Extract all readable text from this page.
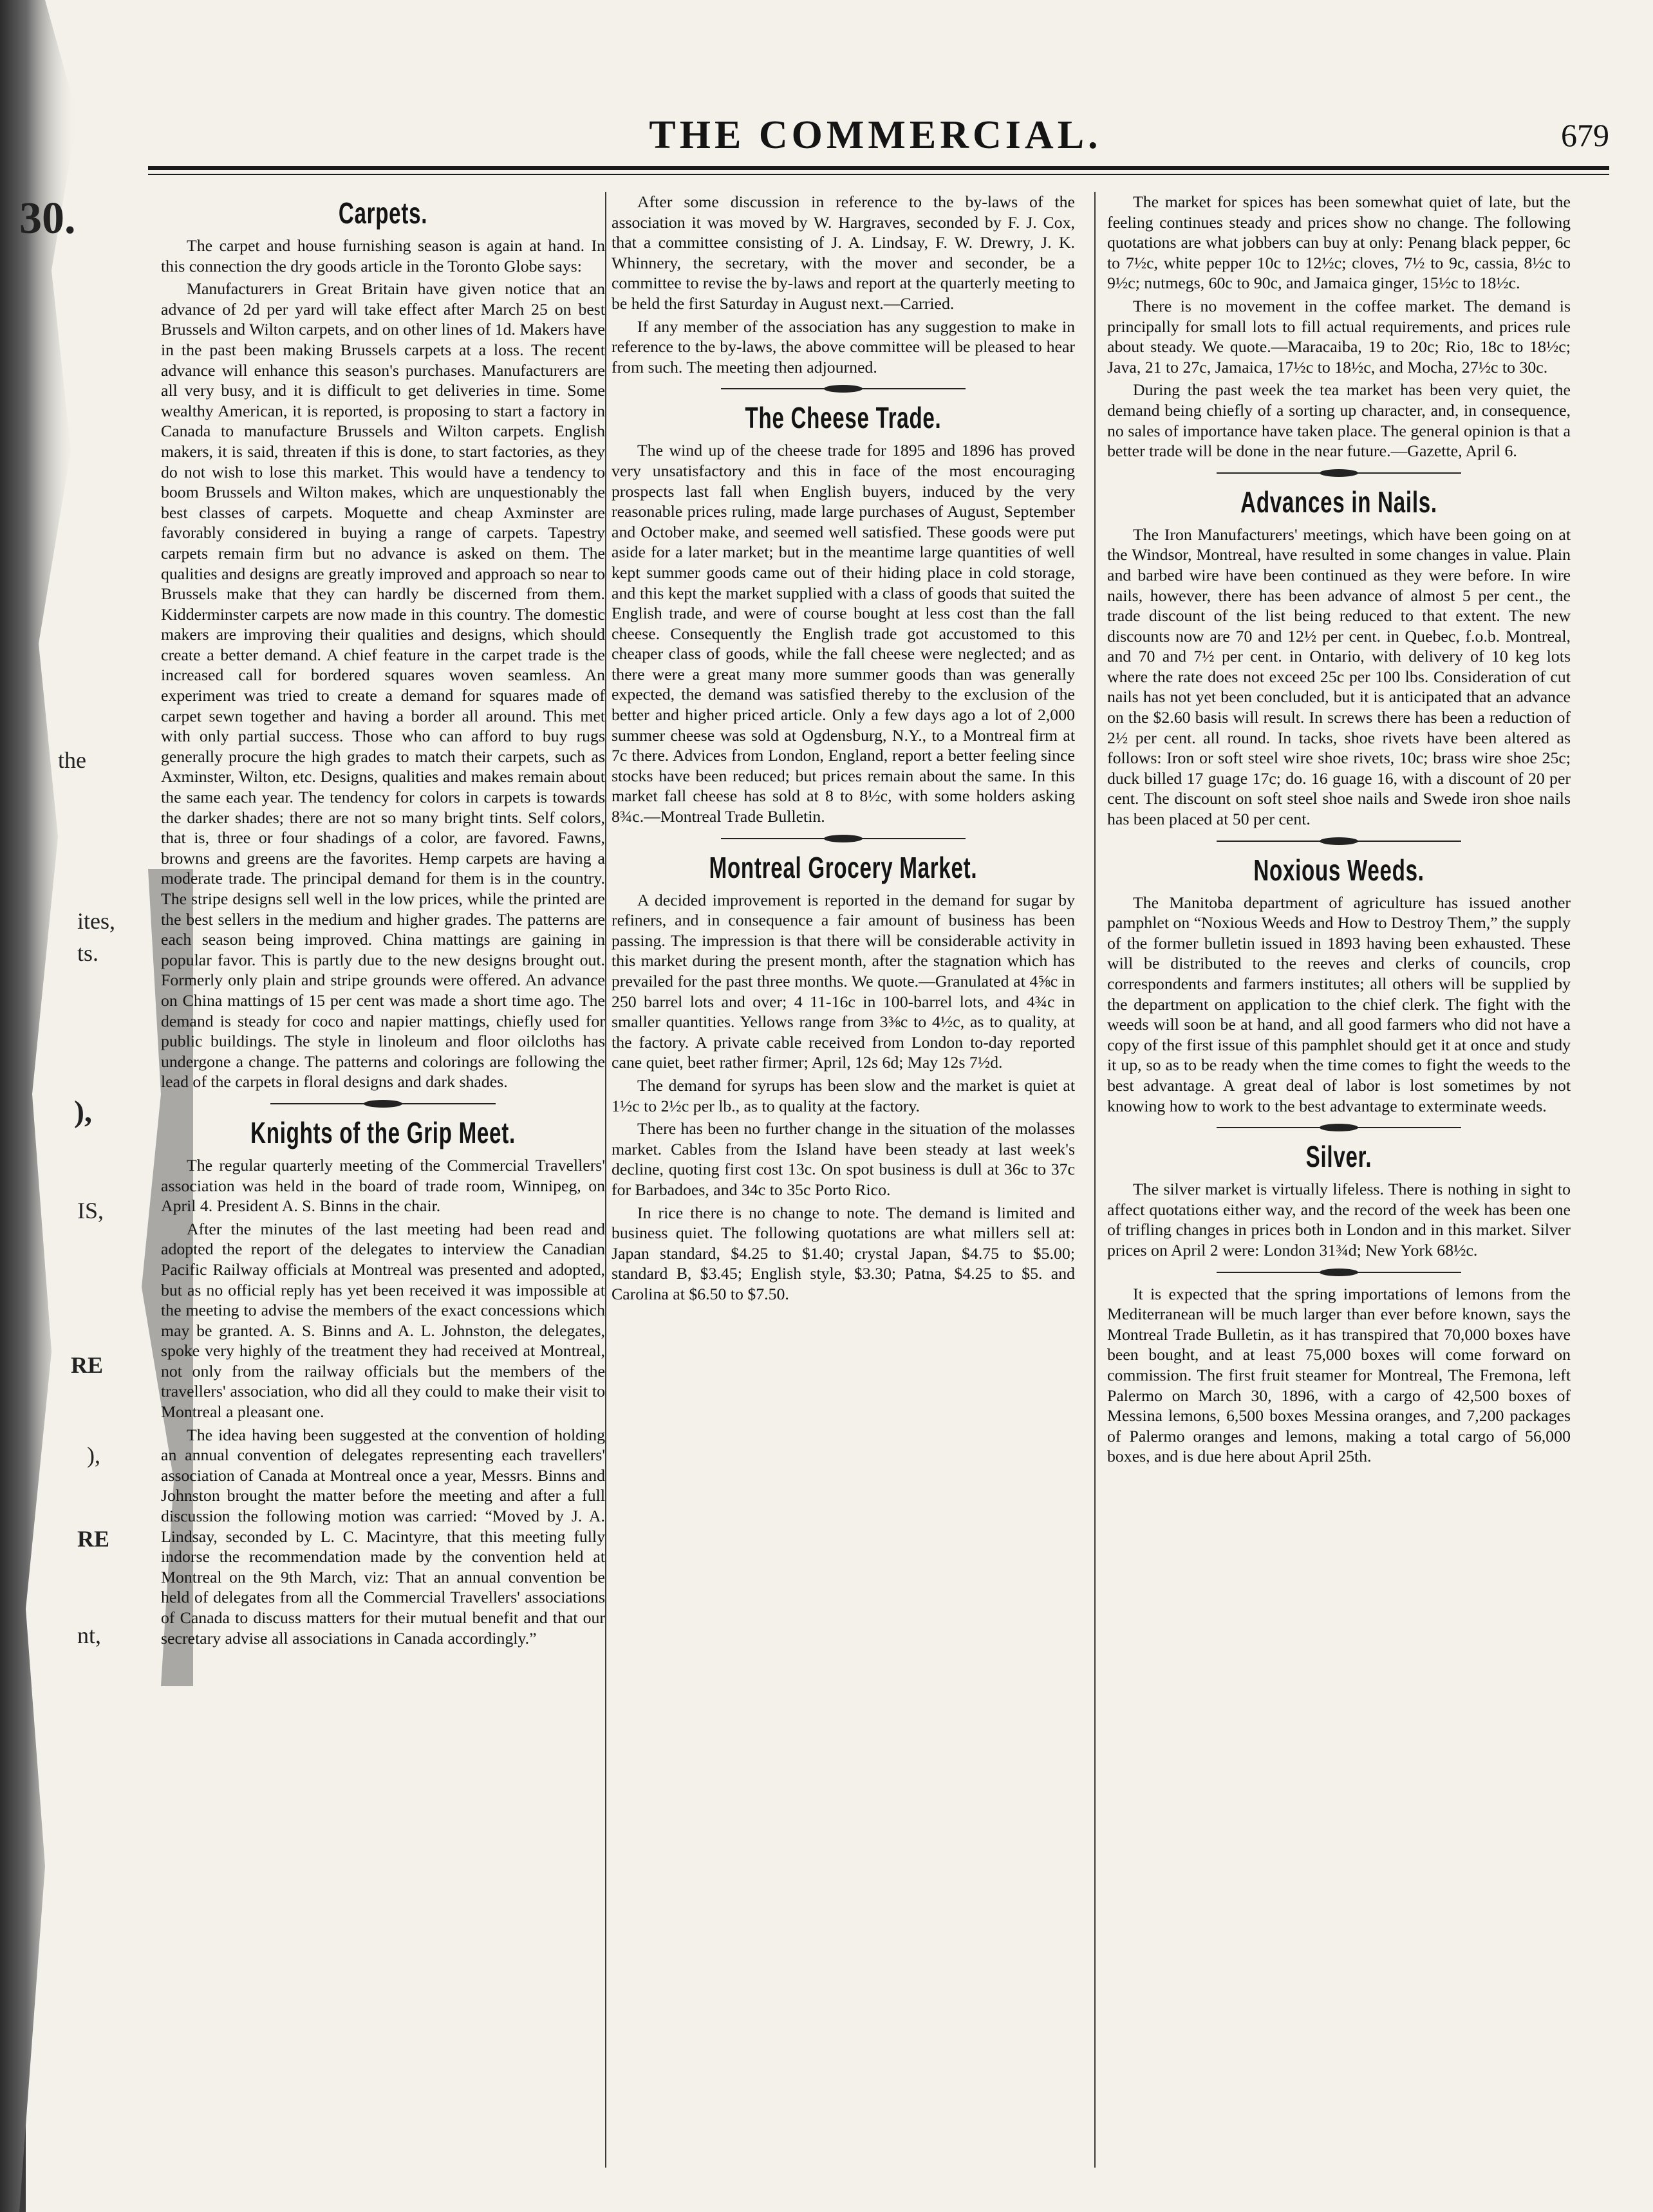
30.
the
ites,
ts.
),
IS,
RE
),
RE
nt,
THE COMMERCIAL.	679
Carpets.

The carpet and house furnishing season is again at hand. In this connection the dry goods article in the Toronto Globe says:

Manufacturers in Great Britain have given notice that an advance of 2d per yard will take effect after March 25 on best Brussels and Wilton carpets, and on other lines of 1d. Makers have in the past been making Brussels carpets at a loss. The recent advance will enhance this season's purchases. Manufacturers are all very busy, and it is difficult to get deliveries in time. Some wealthy American, it is reported, is proposing to start a factory in Canada to manufacture Brussels and Wilton carpets. English makers, it is said, threaten if this is done, to start factories, as they do not wish to lose this market. This would have a tendency to boom Brussels and Wilton makes, which are unquestionably the best classes of carpets. Moquette and cheap Axminster are favorably considered in buying a range of carpets. Tapestry carpets remain firm but no advance is asked on them. The qualities and designs are greatly improved and approach so near to Brussels make that they can hardly be discerned from them. Kidderminster carpets are now made in this country. The domestic makers are improving their qualities and designs, which should create a better demand. A chief feature in the carpet trade is the increased call for bordered squares woven seamless. An experiment was tried to create a demand for squares made of carpet sewn together and having a border all around. This met with only partial success. Those who can afford to buy rugs generally procure the high grades to match their carpets, such as Axminster, Wilton, etc. Designs, qualities and makes remain about the same each year. The tendency for colors in carpets is towards the darker shades; there are not so many bright tints. Self colors, that is, three or four shadings of a color, are favored. Fawns, browns and greens are the favorites. Hemp carpets are having a moderate trade. The principal demand for them is in the country. The stripe designs sell well in the low prices, while the printed are the best sellers in the medium and higher grades. The patterns are each season being improved. China mattings are gaining in popular favor. This is partly due to the new designs brought out. Formerly only plain and stripe grounds were offered. An advance on China mattings of 15 per cent was made a short time ago. The demand is steady for coco and napier mattings, chiefly used for public buildings. The style in linoleum and floor oilcloths has undergone a change. The patterns and colorings are following the lead of the carpets in floral designs and dark shades.

Knights of the Grip Meet.

The regular quarterly meeting of the Commercial Travellers' association was held in the board of trade room, Winnipeg, on April 4. President A. S. Binns in the chair.

After the minutes of the last meeting had been read and adopted the report of the delegates to interview the Canadian Pacific Railway officials at Montreal was presented and adopted, but as no official reply has yet been received it was impossible at the meeting to advise the members of the exact concessions which may be granted. A. S. Binns and A. L. Johnston, the delegates, spoke very highly of the treatment they had received at Montreal, not only from the railway officials but the members of the travellers' association, who did all they could to make their visit to Montreal a pleasant one.

The idea having been suggested at the convention of holding an annual convention of delegates representing each travellers' association of Canada at Montreal once a year, Messrs. Binns and Johnston brought the matter before the meeting and after a full discussion the following motion was carried: “Moved by J. A. Lindsay, seconded by L. C. Macintyre, that this meeting fully indorse the recommendation made by the convention held at Montreal on the 9th March, viz: That an annual convention be held of delegates from all the Commercial Travellers' associations of Canada to discuss matters for their mutual benefit and that our secretary advise all associations in Canada accordingly.”

After some discussion in reference to the by-laws of the association it was moved by W. Hargraves, seconded by F. J. Cox, that a committee consisting of J. A. Lindsay, F. W. Drewry, J. K. Whinnery, the secretary, with the mover and seconder, be a committee to revise the by-laws and report at the quarterly meeting to be held the first Saturday in August next.—Carried.

If any member of the association has any suggestion to make in reference to the by-laws, the above committee will be pleased to hear from such. The meeting then adjourned.

The Cheese Trade.

The wind up of the cheese trade for 1895 and 1896 has proved very unsatisfactory and this in face of the most encouraging prospects last fall when English buyers, induced by the very reasonable prices ruling, made large purchases of August, September and October make, and seemed well satisfied. These goods were put aside for a later market; but in the meantime large quantities of well kept summer goods came out of their hiding place in cold storage, and this kept the market supplied with a class of goods that suited the English trade, and were of course bought at less cost than the fall cheese. Consequently the English trade got accustomed to this cheaper class of goods, while the fall cheese were neglected; and as there were a great many more summer goods than was generally expected, the demand was satisfied thereby to the exclusion of the better and higher priced article. Only a few days ago a lot of 2,000 summer cheese was sold at Ogdensburg, N.Y., to a Montreal firm at 7c there. Advices from London, England, report a better feeling since stocks have been reduced; but prices remain about the same. In this market fall cheese has sold at 8 to 8½c, with some holders asking 8¾c.—Montreal Trade Bulletin.

Montreal Grocery Market.

A decided improvement is reported in the demand for sugar by refiners, and in consequence a fair amount of business has been passing. The impression is that there will be considerable activity in this market during the present month, after the stagnation which has prevailed for the past three months. We quote.—Granulated at 4⅝c in 250 barrel lots and over; 4 11-16c in 100-barrel lots, and 4¾c in smaller quantities. Yellows range from 3⅜c to 4½c, as to quality, at the factory. A private cable received from London to-day reported cane quiet, beet rather firmer; April, 12s 6d; May 12s 7½d.

The demand for syrups has been slow and the market is quiet at 1½c to 2½c per lb., as to quality at the factory.

There has been no further change in the situation of the molasses market. Cables from the Island have been steady at last week's decline, quoting first cost 13c. On spot business is dull at 36c to 37c for Barbadoes, and 34c to 35c Porto Rico.

In rice there is no change to note. The demand is limited and business quiet. The following quotations are what millers sell at: Japan standard, $4.25 to $1.40; crystal Japan, $4.75 to $5.00; standard B, $3.45; English style, $3.30; Patna, $4.25 to $5. and Carolina at $6.50 to $7.50.

The market for spices has been somewhat quiet of late, but the feeling continues steady and prices show no change. The following quotations are what jobbers can buy at only: Penang black pepper, 6c to 7½c, white pepper 10c to 12½c; cloves, 7½ to 9c, cassia, 8½c to 9½c; nutmegs, 60c to 90c, and Jamaica ginger, 15½c to 18½c.

There is no movement in the coffee market. The demand is principally for small lots to fill actual requirements, and prices rule about steady. We quote.—Maracaiba, 19 to 20c; Rio, 18c to 18½c; Java, 21 to 27c, Jamaica, 17½c to 18½c, and Mocha, 27½c to 30c.

During the past week the tea market has been very quiet, the demand being chiefly of a sorting up character, and, in consequence, no sales of importance have taken place. The general opinion is that a better trade will be done in the near future.—Gazette, April 6.

Advances in Nails.

The Iron Manufacturers' meetings, which have been going on at the Windsor, Montreal, have resulted in some changes in value. Plain and barbed wire have been continued as they were before. In wire nails, however, there has been advance of almost 5 per cent., the trade discount of the list being reduced to that extent. The new discounts now are 70 and 12½ per cent. in Quebec, f.o.b. Montreal, and 70 and 7½ per cent. in Ontario, with delivery of 10 keg lots where the rate does not exceed 25c per 100 lbs. Consideration of cut nails has not yet been concluded, but it is anticipated that an advance on the $2.60 basis will result. In screws there has been a reduction of 2½ per cent. all round. In tacks, shoe rivets have been altered as follows: Iron or soft steel wire shoe rivets, 10c; brass wire shoe 25c; duck billed 17 guage 17c; do. 16 guage 16, with a discount of 20 per cent. The discount on soft steel shoe nails and Swede iron shoe nails has been placed at 50 per cent.

Noxious Weeds.

The Manitoba department of agriculture has issued another pamphlet on “Noxious Weeds and How to Destroy Them,” the supply of the former bulletin issued in 1893 having been exhausted. These will be distributed to the reeves and clerks of councils, crop correspondents and farmers institutes; all others will be supplied by the department on application to the chief clerk. The fight with the weeds will soon be at hand, and all good farmers who did not have a copy of the first issue of this pamphlet should get it at once and study it up, so as to be ready when the time comes to fight the weeds to the best advantage. A great deal of labor is lost sometimes by not knowing how to work to the best advantage to exterminate weeds.

Silver.

The silver market is virtually lifeless. There is nothing in sight to affect quotations either way, and the record of the week has been one of trifling changes in prices both in London and in this market. Silver prices on April 2 were: London 31¾d; New York 68½c.

It is expected that the spring importations of lemons from the Mediterranean will be much larger than ever before known, says the Montreal Trade Bulletin, as it has transpired that 70,000 boxes have been bought, and at least 75,000 boxes will come forward on commission. The first fruit steamer for Montreal, The Fremona, left Palermo on March 30, 1896, with a cargo of 42,500 boxes of Messina lemons, 6,500 boxes Messina oranges, and 7,200 packages of Palermo oranges and lemons, making a total cargo of 56,000 boxes, and is due here about April 25th.
